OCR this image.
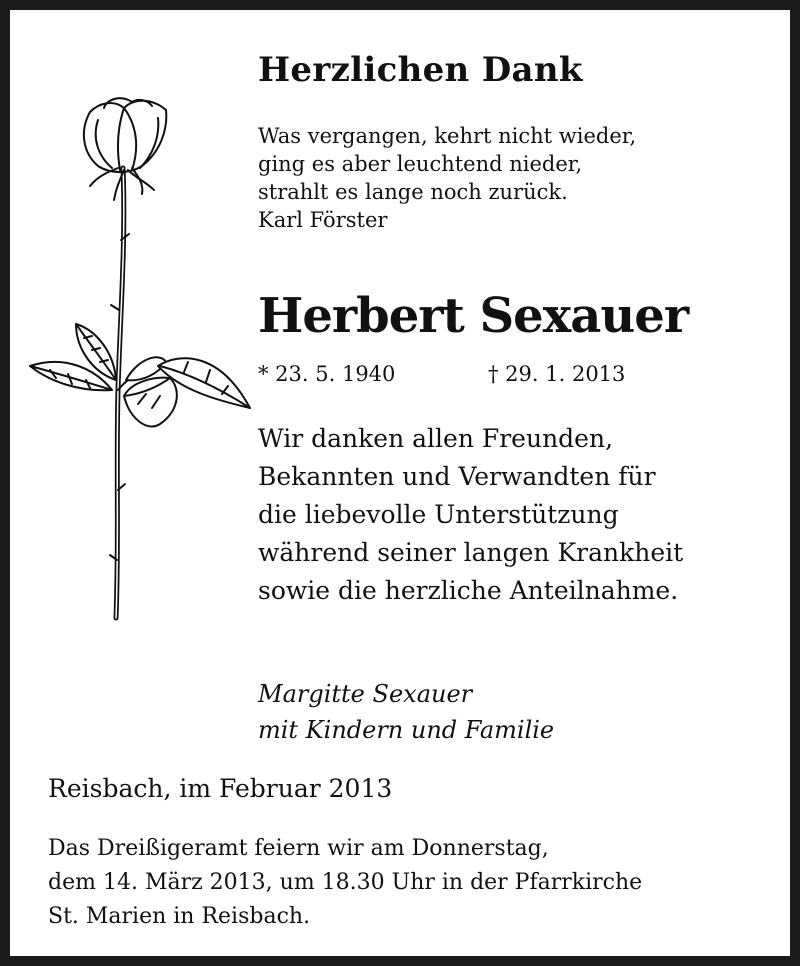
Herzlichen Dank
Was vergangen, kehrt nicht wieder,
ging es aber leuchtend nieder,
strahlt es lange noch zurück.
Karl Förster
Herbert Sexauer
* 23. 5. 1940	† 29. 1. 2013
Wir danken allen Freunden,
Bekannten und Verwandten für
die liebevolle Unterstützung
während seiner langen Krankheit
sowie die herzliche Anteilnahme.
Margitte Sexauer
mit Kindern und Familie
Reisbach, im Februar 2013
Das Dreißigeramt feiern wir am Donnerstag,
dem 14. März 2013, um 18.30 Uhr in der Pfarrkirche
St. Marien in Reisbach.
